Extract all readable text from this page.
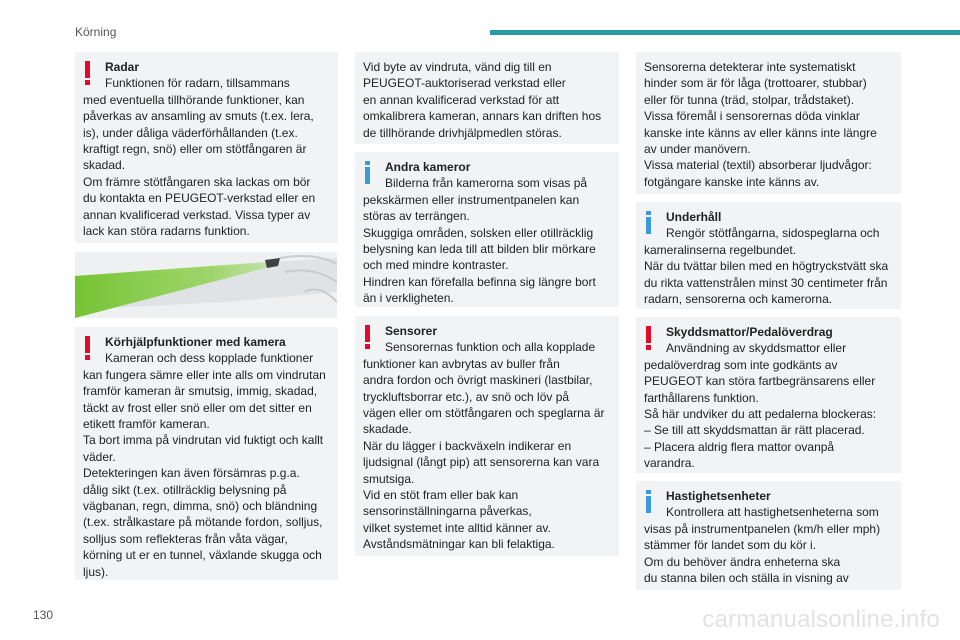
Körning

Radar

Funktionen för radarn, tillsammans

med eventuella tillhörande funktioner, kan
påverkas av ansamling av smuts (t.ex. lera,
is), under dåliga väderförhållanden (t.ex.
kraftigt regn, snö) eller om stötfångaren är
skadad.
Om främre stötfångaren ska lackas om bör
du kontakta en PEUGEOT-verkstad eller en
annan kvalificerad verkstad. Vissa typer av
lack kan störa radarns funktion.

Körhjälpfunktioner med kamera

Kameran och dess kopplade funktioner

kan fungera sämre eller inte alls om vindrutan
framför kameran är smutsig, immig, skadad,
täckt av frost eller snö eller om det sitter en
etikett framför kameran.
Ta bort imma på vindrutan vid fuktigt och kallt
väder.
Detekteringen kan även försämras p.g.a.
dålig sikt (t.ex. otillräcklig belysning på
vägbanan, regn, dimma, snö) och bländning
(t.ex. strålkastare på mötande fordon, solljus,
solljus som reflekteras från våta vägar,
körning ut er en tunnel, växlande skugga och
ljus).

Vid byte av vindruta, vänd dig till en
PEUGEOT-auktoriserad verkstad eller
en annan kvalificerad verkstad för att
omkalibrera kameran, annars kan driften hos
de tillhörande drivhjälpmedlen störas.

Andra kameror

Bilderna från kamerorna som visas på

pekskärmen eller instrumentpanelen kan
störas av terrängen.
Skuggiga områden, solsken eller otillräcklig
belysning kan leda till att bilden blir mörkare
och med mindre kontraster.
Hindren kan förefalla befinna sig längre bort
än i verkligheten.

Sensorer

Sensorernas funktion och alla kopplade

funktioner kan avbrytas av buller från
andra fordon och övrigt maskineri (lastbilar,
tryckluftsborrar etc.), av snö och löv på
vägen eller om stötfångaren och speglarna är
skadade.
När du lägger i backväxeln indikerar en
ljudsignal (långt pip) att sensorerna kan vara
smutsiga.
Vid en stöt fram eller bak kan
sensorinställningarna påverkas,
vilket systemet inte alltid känner av.
Avståndsmätningar kan bli felaktiga.

Sensorerna detekterar inte systematiskt
hinder som är för låga (trottoarer, stubbar)
eller för tunna (träd, stolpar, trådstaket).
Vissa föremål i sensorernas döda vinklar
kanske inte känns av eller känns inte längre
av under manövern.
Vissa material (textil) absorberar ljudvågor:
fotgängare kanske inte känns av.

Underhåll

Rengör stötfångarna, sidospeglarna och

kameralinserna regelbundet.
När du tvättar bilen med en högtryckstvätt ska
du rikta vattenstrålen minst 30 centimeter från
radarn, sensorerna och kamerorna.

Skyddsmattor/Pedalöverdrag

Användning av skyddsmattor eller

pedalöverdrag som inte godkänts av
PEUGEOT kan störa fartbegränsarens eller
farthållarens funktion.
Så här undviker du att pedalerna blockeras:
– Se till att skyddsmattan är rätt placerad.
– Placera aldrig flera mattor ovanpå
varandra.

Hastighetsenheter

Kontrollera att hastighetsenheterna som

visas på instrumentpanelen (km/h eller mph)
stämmer för landet som du kör i.
Om du behöver ändra enheterna ska
du stanna bilen och ställa in visning av

130	carmanualsonline.info
